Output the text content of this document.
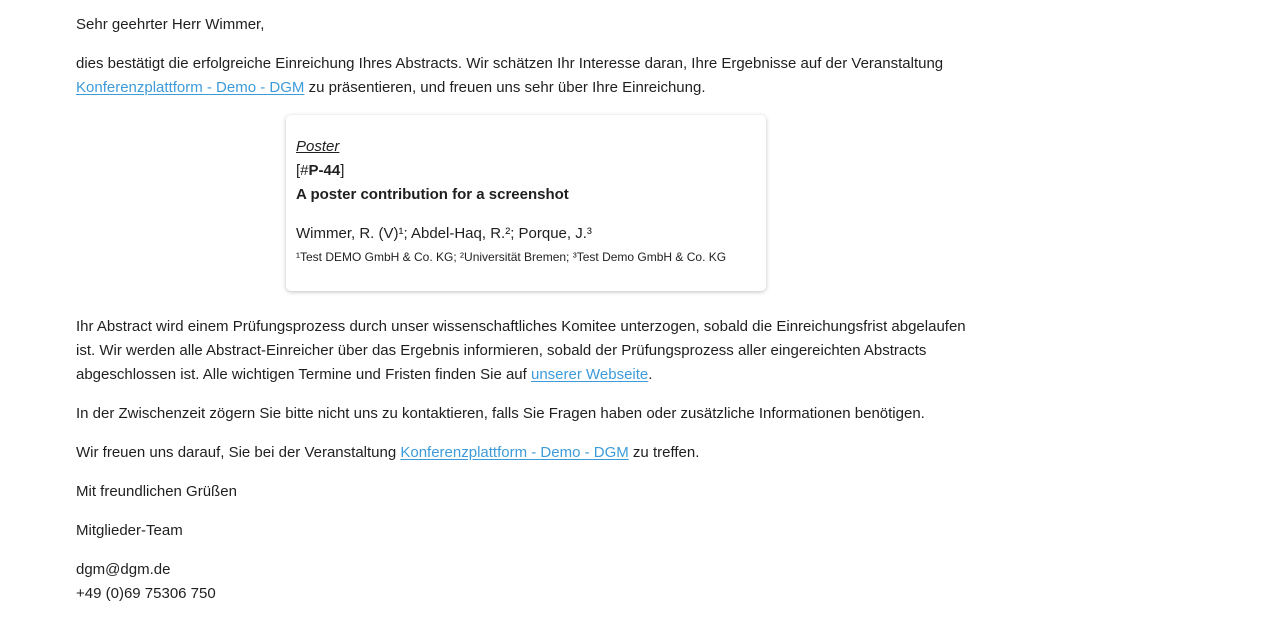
Sehr geehrter Herr Wimmer,

dies bestätigt die erfolgreiche Einreichung Ihres Abstracts. Wir schätzen Ihr Interesse daran, Ihre Ergebnisse auf der Veranstaltung Konferenzplattform - Demo - DGM zu präsentieren, und freuen uns sehr über Ihre Einreichung.

Ihr Abstract wird einem Prüfungsprozess durch unser wissenschaftliches Komitee unterzogen, sobald die Einreichungsfrist abgelaufen ist. Wir werden alle Abstract-Einreicher über das Ergebnis informieren, sobald der Prüfungsprozess aller eingereichten Abstracts abgeschlossen ist. Alle wichtigen Termine und Fristen finden Sie auf unserer Webseite.

In der Zwischenzeit zögern Sie bitte nicht uns zu kontaktieren, falls Sie Fragen haben oder zusätzliche Informationen benötigen.

Wir freuen uns darauf, Sie bei der Veranstaltung Konferenzplattform - Demo - DGM zu treffen.

Mit freundlichen Grüßen

Mitglieder-Team

dgm@dgm.de

+49 (0)69 75306 750

Poster
[#P-44]
A poster contribution for a screenshot
Wimmer, R. (V)¹; Abdel-Haq, R.²; Porque, J.³
¹Test DEMO GmbH & Co. KG; ²Universität Bremen; ³Test Demo GmbH & Co. KG
